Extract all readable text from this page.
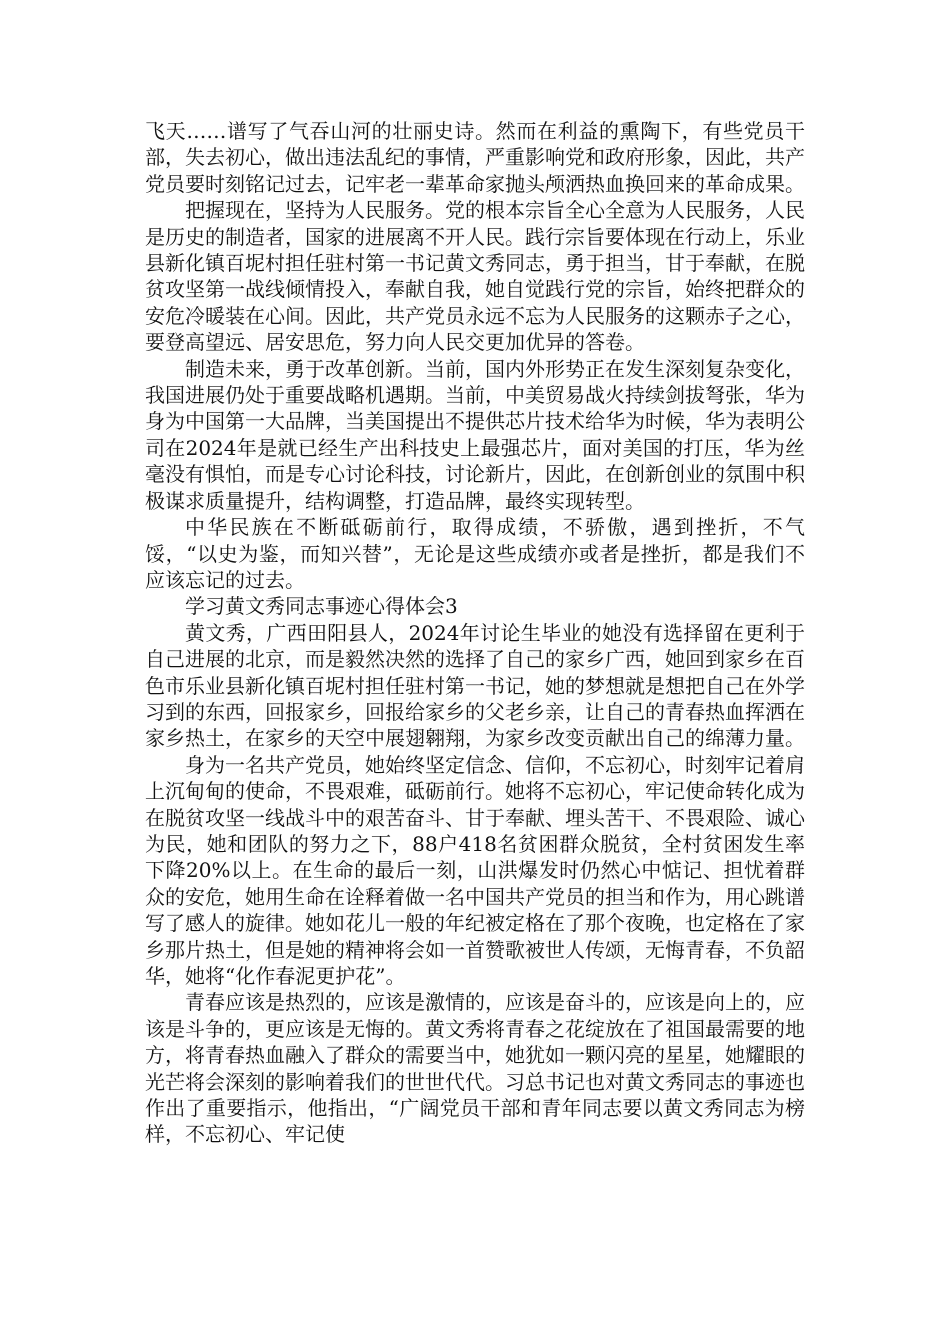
飞天……谱写了气吞山河的壮丽史诗。然而在利益的熏陶下，有些党员干部，失去初心，做出违法乱纪的事情，严重影响党和政府形象，因此，共产党员要时刻铭记过去，记牢老一辈革命家抛头颅洒热血换回来的革命成果。

把握现在，坚持为人民服务。党的根本宗旨全心全意为人民服务，人民是历史的制造者，国家的进展离不开人民。践行宗旨要体现在行动上，乐业县新化镇百坭村担任驻村第一书记黄文秀同志，勇于担当，甘于奉献，在脱贫攻坚第一战线倾情投入，奉献自我，她自觉践行党的宗旨，始终把群众的安危冷暖装在心间。因此，共产党员永远不忘为人民服务的这颗赤子之心，要登高望远、居安思危，努力向人民交更加优异的答卷。

制造未来，勇于改革创新。当前，国内外形势正在发生深刻复杂变化，我国进展仍处于重要战略机遇期。当前，中美贸易战火持续剑拔弩张，华为身为中国第一大品牌，当美国提出不提供芯片技术给华为时候，华为表明公司在2024年是就已经生产出科技史上最强芯片，面对美国的打压，华为丝毫没有惧怕，而是专心讨论科技，讨论新片，因此，在创新创业的氛围中积极谋求质量提升，结构调整，打造品牌，最终实现转型。

中华民族在不断砥砺前行，取得成绩，不骄傲，遇到挫折，不气馁，“以史为鉴，而知兴替”，无论是这些成绩亦或者是挫折，都是我们不应该忘记的过去。

学习黄文秀同志事迹心得体会3

黄文秀，广西田阳县人，2024年讨论生毕业的她没有选择留在更利于自己进展的北京，而是毅然决然的选择了自己的家乡广西，她回到家乡在百色市乐业县新化镇百坭村担任驻村第一书记，她的梦想就是想把自己在外学习到的东西，回报家乡，回报给家乡的父老乡亲，让自己的青春热血挥洒在家乡热土，在家乡的天空中展翅翱翔，为家乡改变贡献出自己的绵薄力量。

身为一名共产党员，她始终坚定信念、信仰，不忘初心，时刻牢记着肩上沉甸甸的使命，不畏艰难，砥砺前行。她将不忘初心，牢记使命转化成为在脱贫攻坚一线战斗中的艰苦奋斗、甘于奉献、埋头苦干、不畏艰险、诚心为民，她和团队的努力之下，88户418名贫困群众脱贫，全村贫困发生率下降20%以上。在生命的最后一刻，山洪爆发时仍然心中惦记、担忧着群众的安危，她用生命在诠释着做一名中国共产党员的担当和作为，用心跳谱写了感人的旋律。她如花儿一般的年纪被定格在了那个夜晚，也定格在了家乡那片热土，但是她的精神将会如一首赞歌被世人传颂，无悔青春，不负韶华，她将“化作春泥更护花”。

青春应该是热烈的，应该是激情的，应该是奋斗的，应该是向上的，应该是斗争的，更应该是无悔的。黄文秀将青春之花绽放在了祖国最需要的地方，将青春热血融入了群众的需要当中，她犹如一颗闪亮的星星，她耀眼的光芒将会深刻的影响着我们的世世代代。习总书记也对黄文秀同志的事迹也作出了重要指示，他指出，“广阔党员干部和青年同志要以黄文秀同志为榜样，不忘初心、牢记使
